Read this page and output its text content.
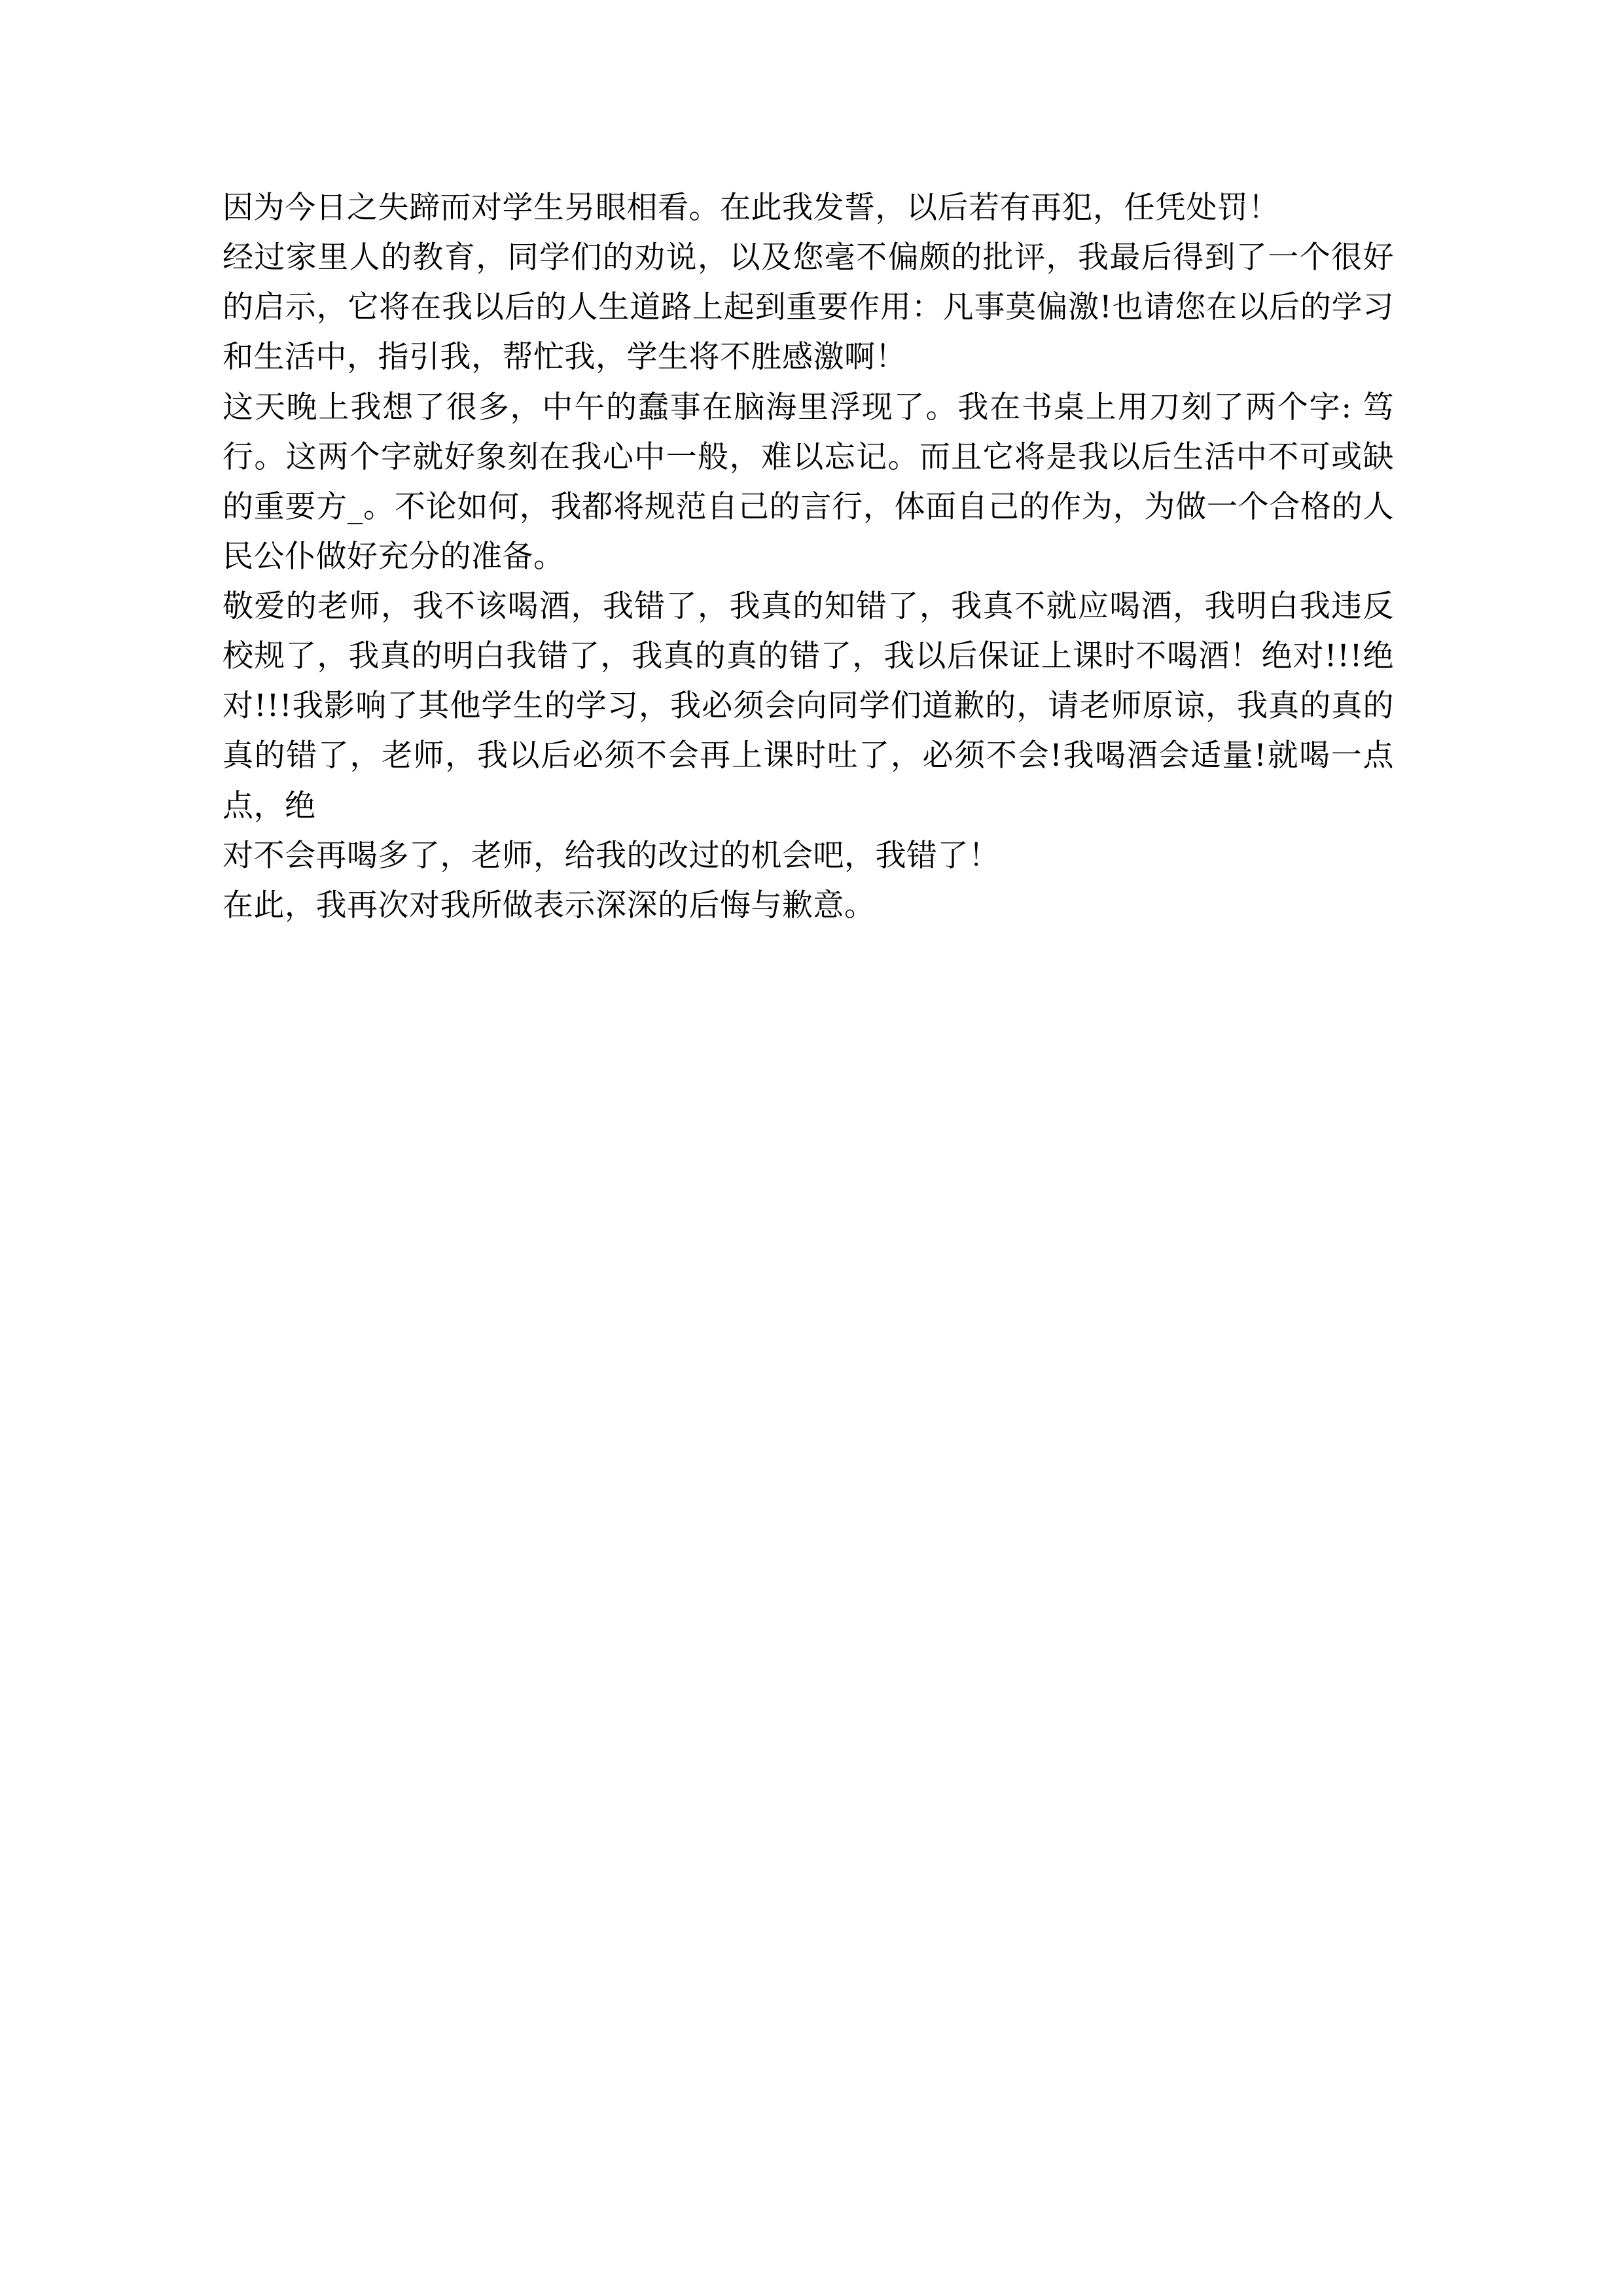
因为今日之失蹄而对学生另眼相看。在此我发誓，以后若有再犯，任凭处罚！

经过家里人的教育，同学们的劝说，以及您毫不偏颇的批评，我最后得到了一个很好的启示，它将在我以后的人生道路上起到重要作用：凡事莫偏激!也请您在以后的学习和生活中，指引我，帮忙我，学生将不胜感激啊！

这天晚上我想了很多，中午的蠢事在脑海里浮现了。我在书桌上用刀刻了两个字: 笃行。这两个字就好象刻在我心中一般，难以忘记。而且它将是我以后生活中不可或缺的重要方_。不论如何，我都将规范自己的言行，体面自己的作为，为做一个合格的人民公仆做好充分的准备。

敬爱的老师，我不该喝酒，我错了，我真的知错了，我真不就应喝酒，我明白我违反校规了，我真的明白我错了，我真的真的错了，我以后保证上课时不喝酒！绝对!!!绝对!!!我影响了其他学生的学习，我必须会向同学们道歉的，请老师原谅，我真的真的真的错了，老师，我以后必须不会再上课时吐了，必须不会!我喝酒会适量!就喝一点点，绝

对不会再喝多了，老师，给我的改过的机会吧，我错了！

在此，我再次对我所做表示深深的后悔与歉意。
